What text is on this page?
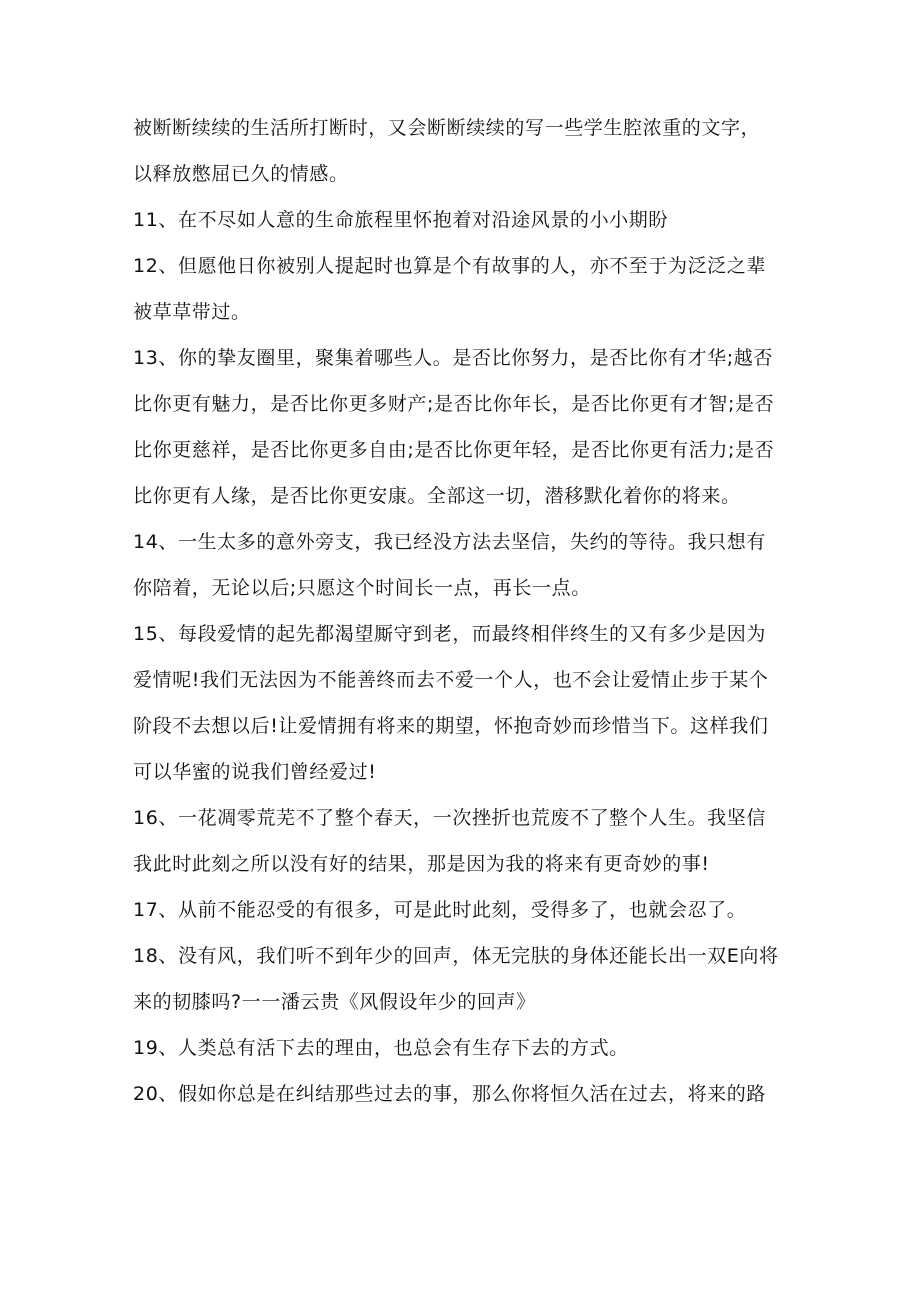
被断断续续的生活所打断时，又会断断续续的写一些学生腔浓重的文字，
以释放憋屈已久的情感。
11、在不尽如人意的生命旅程里怀抱着对沿途风景的小小期盼
12、但愿他日你被别人提起时也算是个有故事的人，亦不至于为泛泛之辈
被草草带过。
13、你的挚友圈里，聚集着哪些人。是否比你努力，是否比你有才华;越否
比你更有魅力，是否比你更多财产;是否比你年长，是否比你更有才智;是否
比你更慈祥，是否比你更多自由;是否比你更年轻，是否比你更有活力;是否
比你更有人缘，是否比你更安康。全部这一切，潜移默化着你的将来。
14、一生太多的意外旁支，我已经没方法去坚信，失约的等待。我只想有
你陪着，无论以后;只愿这个时间长一点，再长一点。
15、每段爱情的起先都渴望厮守到老，而最终相伴终生的又有多少是因为
爱情呢!我们无法因为不能善终而去不爱一个人，也不会让爱情止步于某个
阶段不去想以后!让爱情拥有将来的期望，怀抱奇妙而珍惜当下。这样我们
可以华蜜的说我们曾经爱过!
16、一花凋零荒芜不了整个春天，一次挫折也荒废不了整个人生。我坚信
我此时此刻之所以没有好的结果，那是因为我的将来有更奇妙的事!
17、从前不能忍受的有很多，可是此时此刻，受得多了，也就会忍了。
18、没有风，我们听不到年少的回声，体无完肤的身体还能长出一双E向将
来的韧膝吗?一一潘云贵《风假设年少的回声》
19、人类总有活下去的理由，也总会有生存下去的方式。
20、假如你总是在纠结那些过去的事，那么你将恒久活在过去，将来的路
